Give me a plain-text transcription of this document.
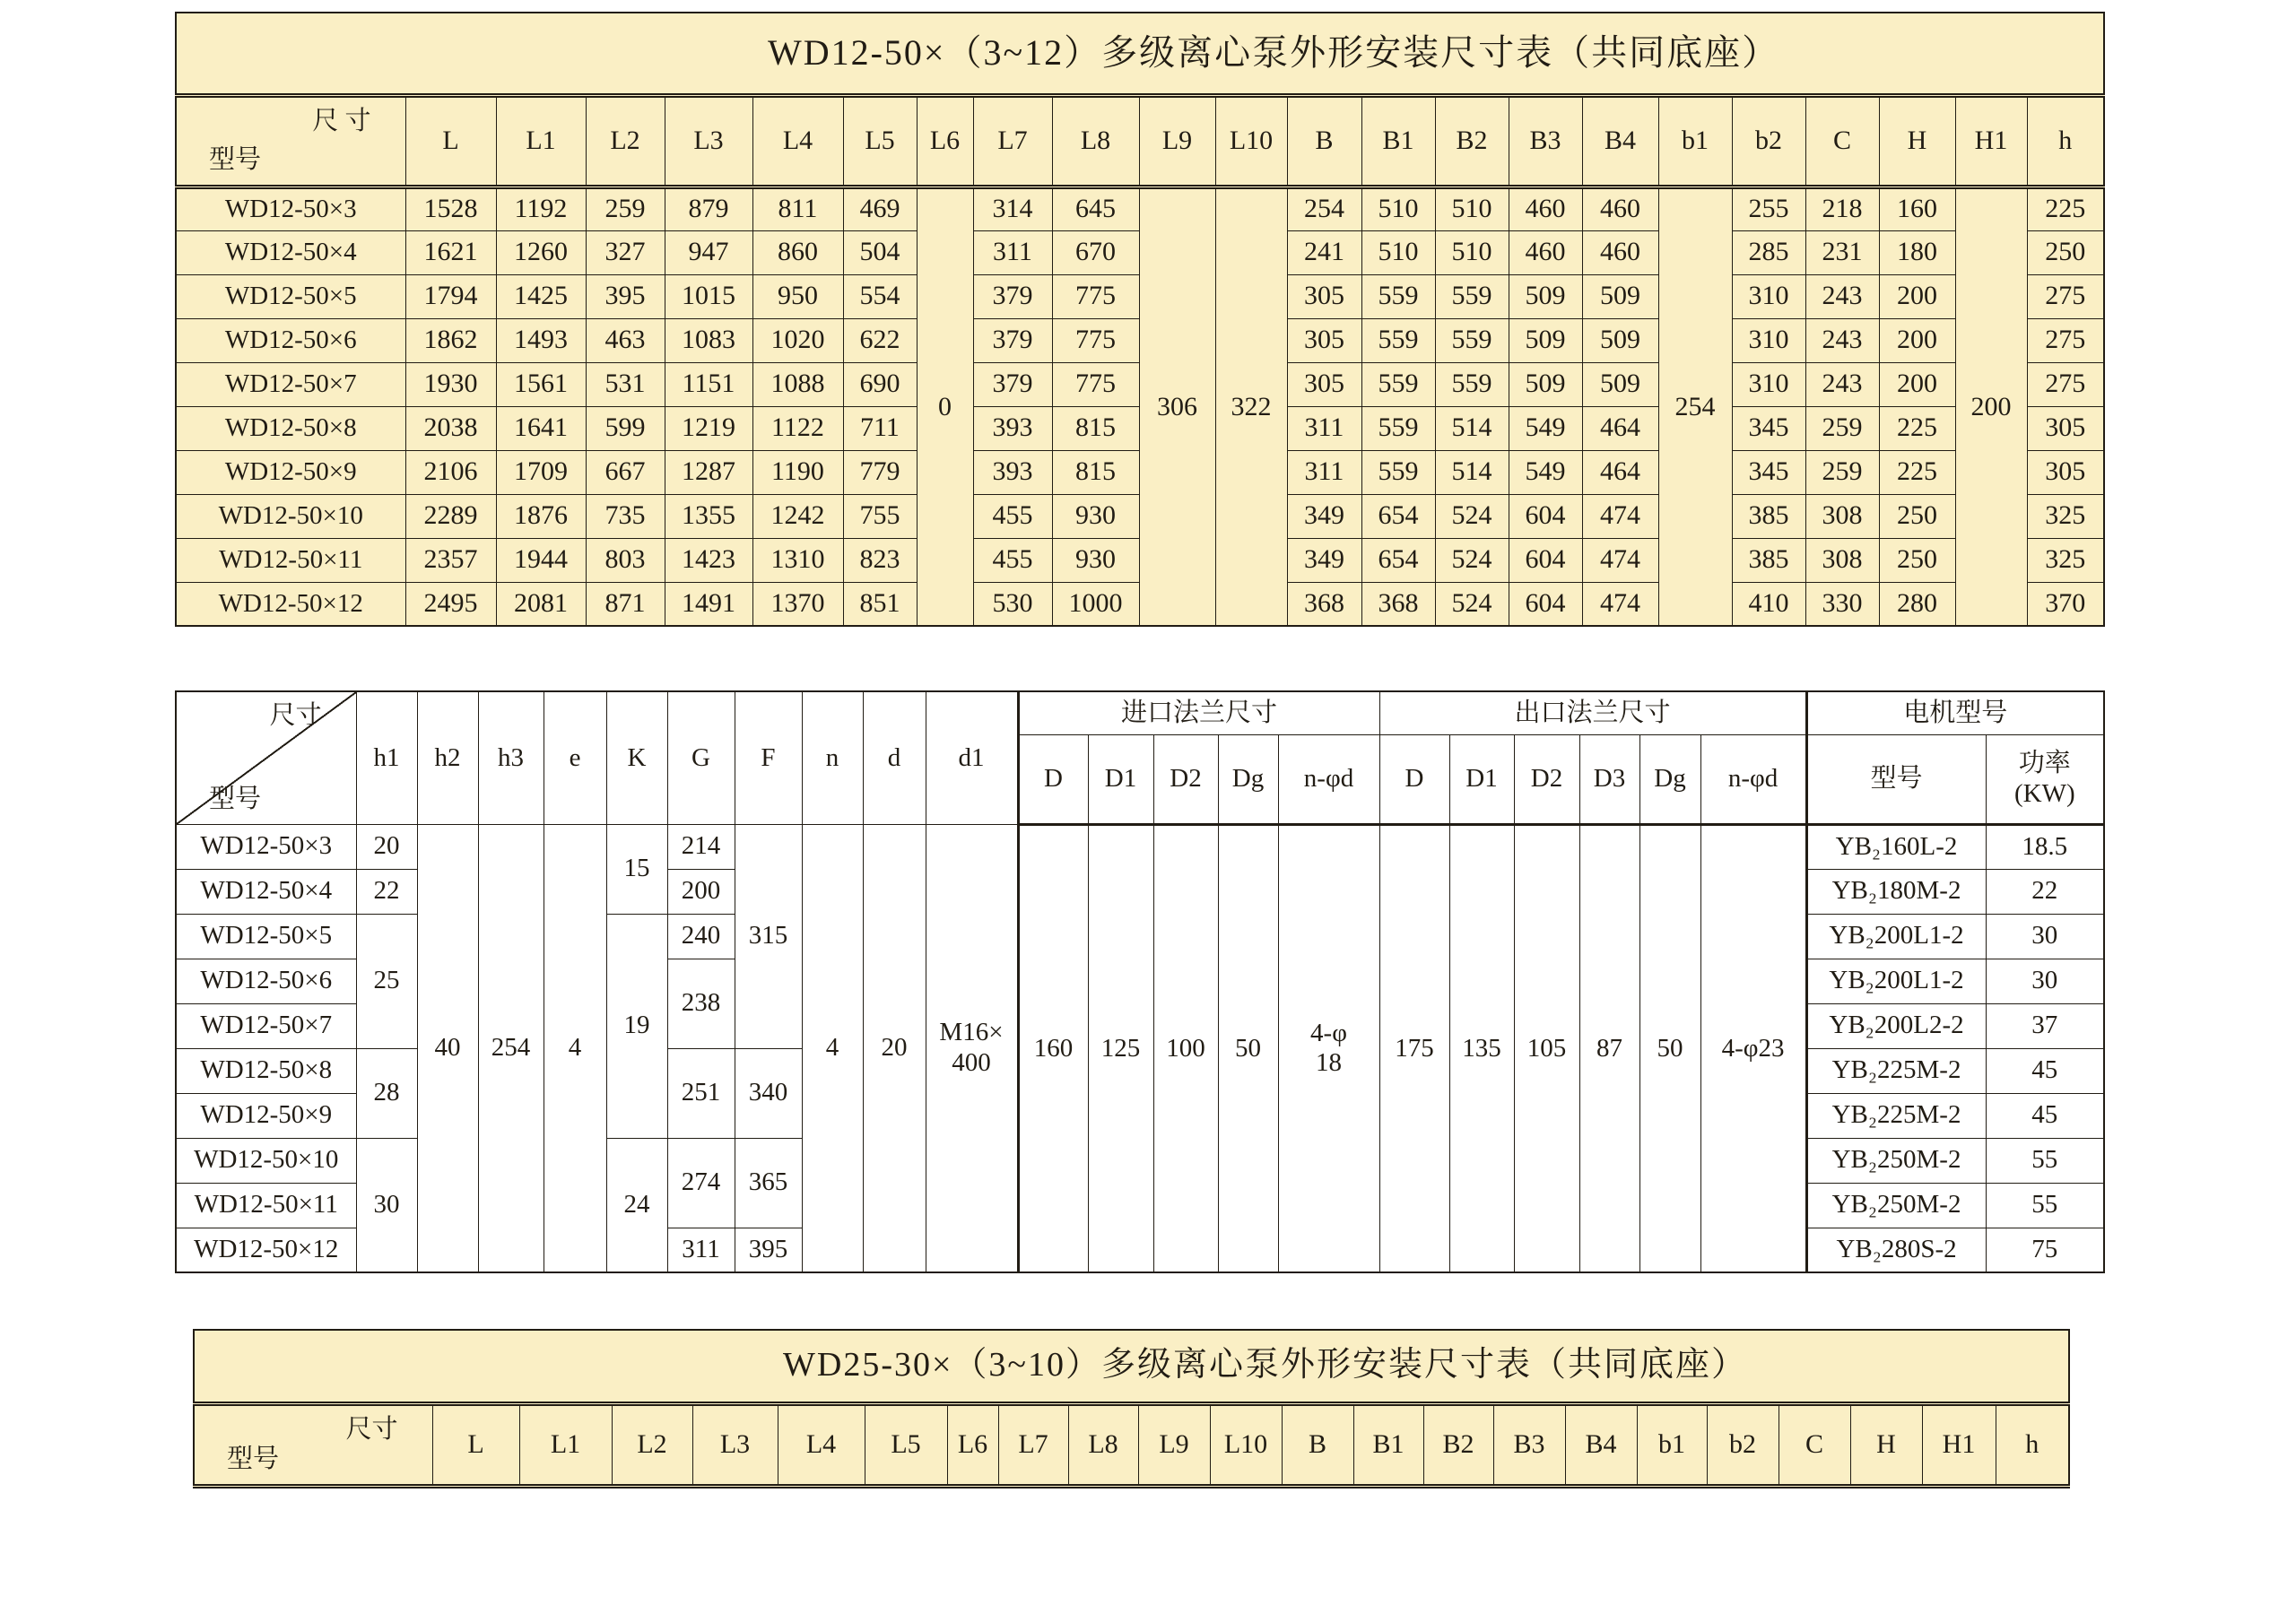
WD12-50×（3~12）多级离心泵外形安装尺寸表（共同底座）																						

尺 寸
型号	L	L1	L2	L3	L4	L5	L6	L7	L8	L9	L10	B	B1	B2	B3	B4	b1	b2	C	H	H1	h
WD12-50×3	1528	1192	259	879	811	469	0	314	645	306	322	254	510	510	460	460	254	255	218	160	200	225
WD12-50×4	1621	1260	327	947	860	504		311	670			241	510	510	460	460		285	231	180		250
WD12-50×5	1794	1425	395	1015	950	554		379	775			305	559	559	509	509		310	243	200		275
WD12-50×6	1862	1493	463	1083	1020	622		379	775			305	559	559	509	509		310	243	200		275
WD12-50×7	1930	1561	531	1151	1088	690		379	775			305	559	559	509	509		310	243	200		275
WD12-50×8	2038	1641	599	1219	1122	711		393	815			311	559	514	549	464		345	259	225		305
WD12-50×9	2106	1709	667	1287	1190	779		393	815			311	559	514	549	464		345	259	225		305
WD12-50×10	2289	1876	735	1355	1242	755		455	930			349	654	524	604	474		385	308	250		325
WD12-50×11	2357	1944	803	1423	1310	823		455	930			349	654	524	604	474		385	308	250		325
WD12-50×12	2495	2081	871	1491	1370	851		530	1000			368	368	524	604	474		410	330	280		370
尺寸
型号	h1	h2	h3	e	K	G	F	n	d	d1	进口法兰尺寸					出口法兰尺寸						电机型号	
											D	D1	D2	Dg	n-φd	D	D1	D2	D3	Dg	n-φd	型号	功率
(KW)
WD12-50×3	20	40	254	4	15	214	315	4	20	M16×
400	160	125	100	50	4-φ
18	175	135	105	87	50	4-φ23	YB₂160L-2	18.5
WD12-50×4	22					200																YB₂180M-2	22
WD12-50×5	25				19	240																YB₂200L1-2	30
WD12-50×6						238																YB₂200L1-2	30
WD12-50×7																						YB₂200L2-2	37
WD12-50×8	28					251	340															YB₂225M-2	45
WD12-50×9																						YB₂225M-2	45
WD12-50×10	30				24	274	365															YB₂250M-2	55
WD12-50×11																						YB₂250M-2	55
WD12-50×12						311	395															YB₂280S-2	75
WD25-30×（3~10）多级离心泵外形安装尺寸表（共同底座）

尺寸
型号
	L	L1	L2	L3	L4	L5	L6	L7	L8	L9	L10	B	B1	B2	B3	B4	b1	b2	C	H	H1	h
